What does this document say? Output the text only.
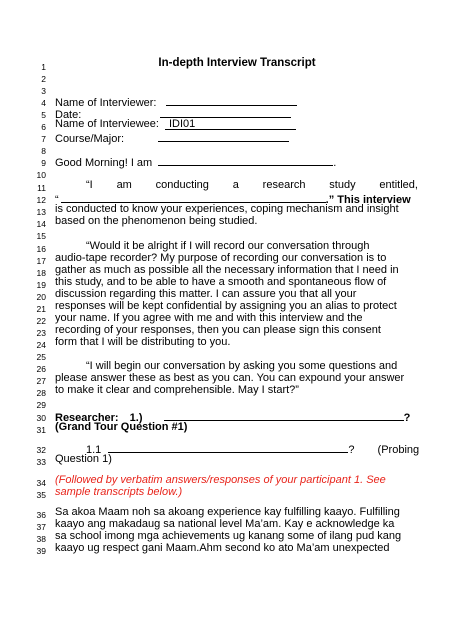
1
2
3
4
5
6
7
8
9
10
11
12
13
14
15
16
17
18
19
20
21
22
23
24
25
26
27
28
29
30
31
32
33
34
35
36
37
38
39
In-depth Interview Transcript
Name of Interviewer:
Date:
Name of Interviewee: IDI01
Course/Major:
Good Morning! I am	.
“I am conducting a research study entitled,
“	.” This interview
is conducted to know your experiences, coping mechanism and insight
based on the phenomenon being studied.
“Would it be alright if I will record our conversation through
audio-tape recorder? My purpose of recording our conversation is to
gather as much as possible all the necessary information that I need in
this study, and to be able to have a smooth and spontaneous flow of
discussion regarding this matter. I can assure you that all your
responses will be kept confidential by assigning you an alias to protect
your name. If you agree with me and with this interview and the
recording of your responses, then you can please sign this consent
form that I will be distributing to you.
“I will begin our conversation by asking you some questions and
please answer these as best as you can. You can expound your answer
to make it clear and comprehensible. May I start?”
Researcher: 1.)	?
(Grand Tour Question #1)
1.1	? (Probing
Question 1)
(Followed by verbatim answers/responses of your participant 1. See
sample transcripts below.)
Sa akoa Maam noh sa akoang experience kay fulfilling kaayo. Fulfilling
kaayo ang makadaug sa national level Ma’am. Kay e acknowledge ka
sa school imong mga achievements ug kanang some of ilang pud kang
kaayo ug respect gani Maam.Ahm second ko ato Ma’am unexpected
